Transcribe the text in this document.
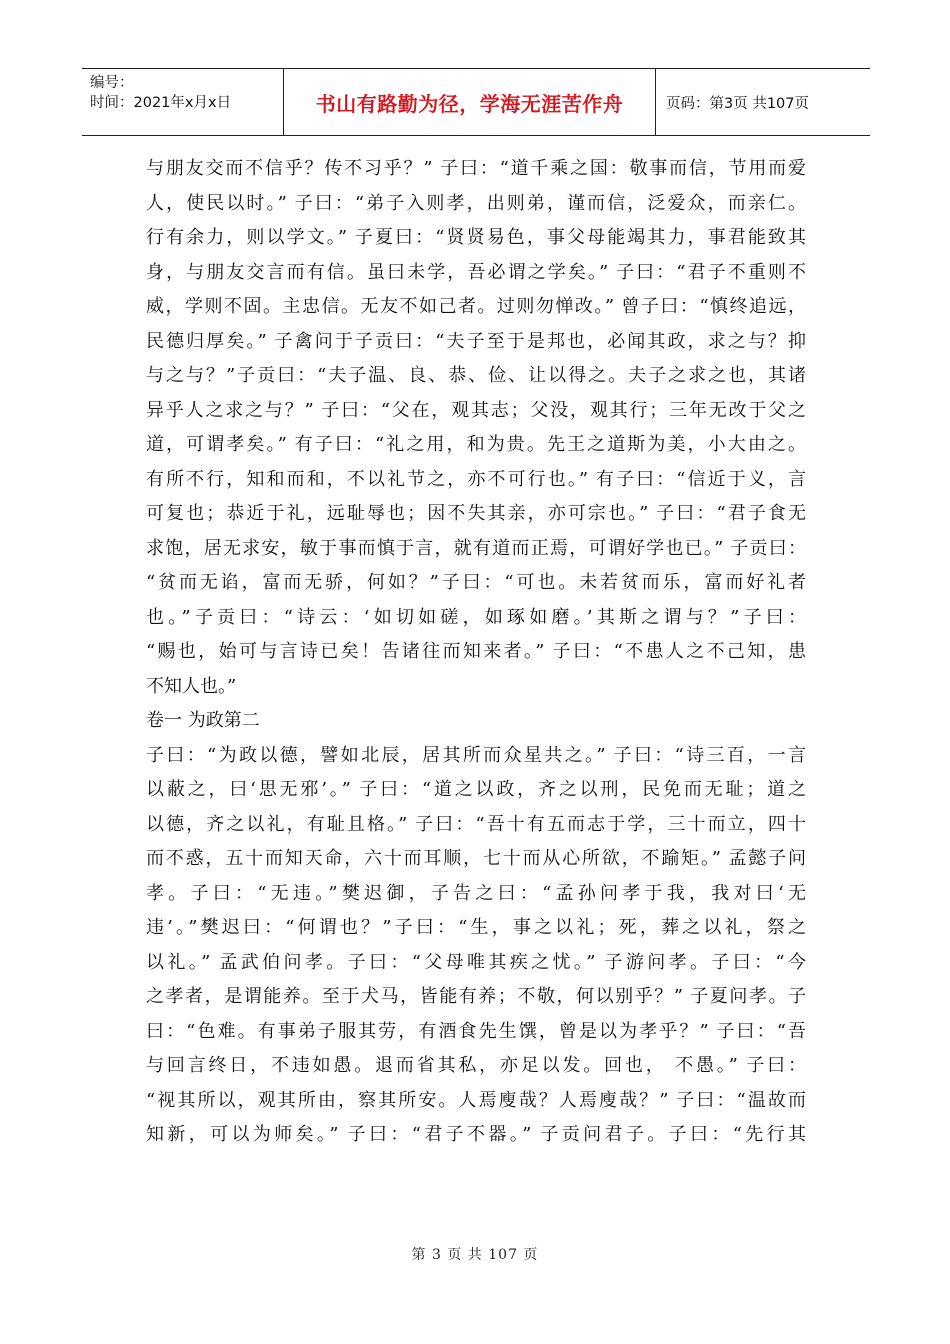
编号：
时间：2021年x月x日	书山有路勤为径，学海无涯苦作舟	页码：第3页 共107页
与朋友交而不信乎？传不习乎？” 子曰：“道千乘之国：敬事而信，节用而爱
人，使民以时。” 子曰：“弟子入则孝，出则弟，谨而信，泛爱众，而亲仁。
行有余力，则以学文。” 子夏曰：“贤贤易色，事父母能竭其力，事君能致其
身，与朋友交言而有信。虽曰未学，吾必谓之学矣。” 子曰：“君子不重则不
威，学则不固。主忠信。无友不如己者。过则勿惮改。” 曾子曰：“慎终追远，
民德归厚矣。” 子禽问于子贡曰：“夫子至于是邦也，必闻其政，求之与？抑
与之与？”子贡曰：“夫子温、良、恭、俭、让以得之。夫子之求之也，其诸
异乎人之求之与？” 子曰：“父在，观其志；父没，观其行；三年无改于父之
道，可谓孝矣。” 有子曰：“礼之用，和为贵。先王之道斯为美，小大由之。
有所不行，知和而和，不以礼节之，亦不可行也。” 有子曰：“信近于义，言
可复也；恭近于礼，远耻辱也；因不失其亲，亦可宗也。” 子曰：“君子食无
求饱，居无求安，敏于事而慎于言，就有道而正焉，可谓好学也已。” 子贡曰：
“贫而无谄，富而无骄，何如？”子曰：“可也。未若贫而乐，富而好礼者
也。”子贡曰：“诗云：‘如切如磋，如琢如磨。’其斯之谓与？”子曰：
“赐也，始可与言诗已矣！告诸往而知来者。” 子曰：“不患人之不己知，患
不知人也。”
卷一 为政第二
子曰：“为政以德，譬如北辰，居其所而众星共之。” 子曰：“诗三百，一言
以蔽之，曰‘思无邪’。” 子曰：“道之以政，齐之以刑，民免而无耻；道之
以德，齐之以礼，有耻且格。” 子曰：“吾十有五而志于学，三十而立，四十
而不惑，五十而知天命，六十而耳顺，七十而从心所欲，不踰矩。” 孟懿子问
孝。子曰：“无违。”樊迟御，子告之曰：“孟孙问孝于我，我对曰‘无
违’。”樊迟曰：“何谓也？”子曰：“生，事之以礼；死，葬之以礼，祭之
以礼。” 孟武伯问孝。子曰：“父母唯其疾之忧。” 子游问孝。子曰：“今
之孝者，是谓能养。至于犬马，皆能有养；不敬，何以别乎？” 子夏问孝。子
曰：“色难。有事弟子服其劳，有酒食先生馔，曾是以为孝乎？” 子曰：“吾
与回言终日，不违如愚。退而省其私，亦足以发。回也， 不愚。” 子曰：
“视其所以，观其所由，察其所安。人焉廋哉？人焉廋哉？” 子曰：“温故而
知新，可以为师矣。” 子曰：“君子不器。” 子贡问君子。子曰：“先行其
第 3 页 共 107 页
